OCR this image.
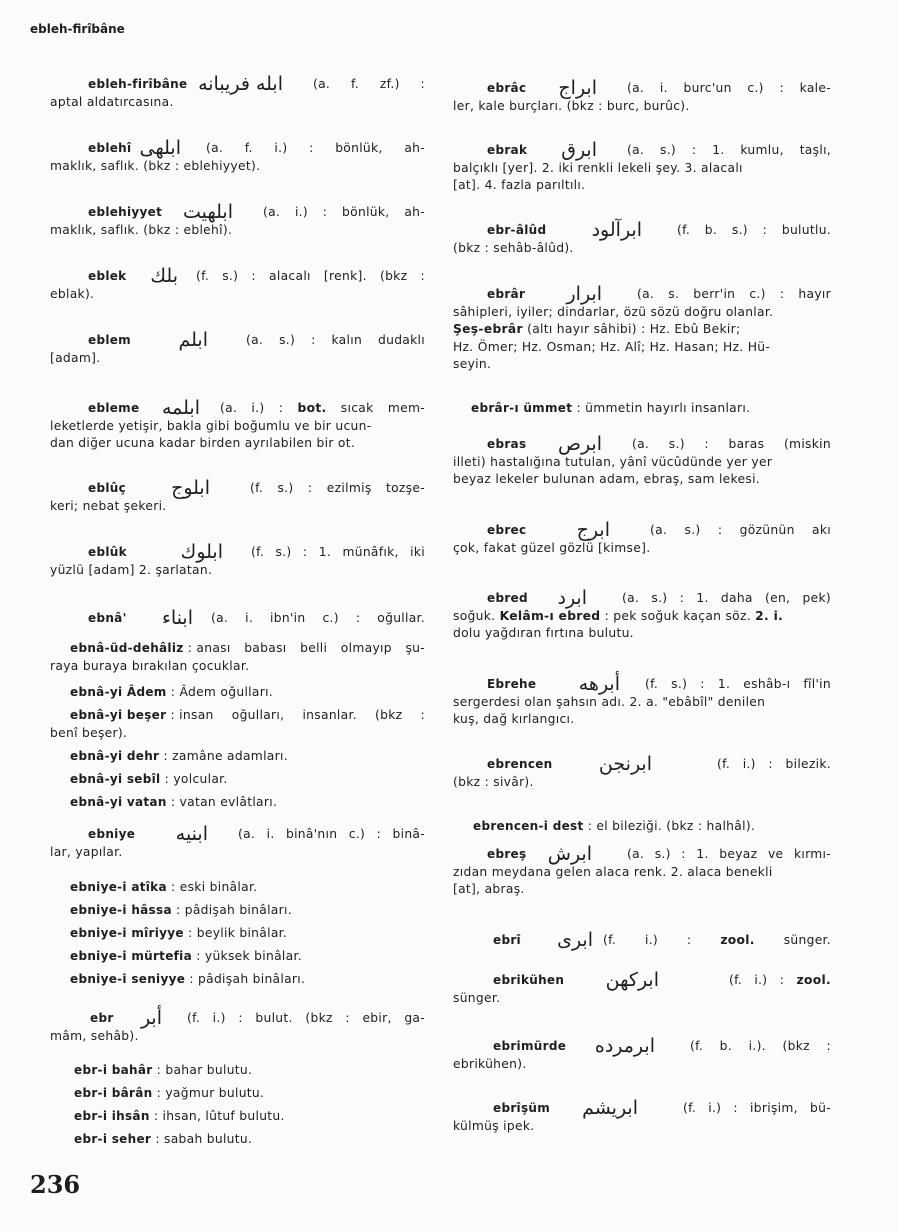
ebleh-firîbâne
ebleh-firîbâne ابله فريبانه (a. f. zf.) :
aptal aldatırcasına.
eblehî ابلهى (a. f. i.) : bönlük, ah-
maklık, saflık. (bkz : eblehiyyet).
eblehiyyet	ابلهيت (a. i.) : bönlük, ah-
maklık, saflık. (bkz : eblehî).
eblek	بلك (f. s.) : alacalı [renk]. (bkz :
eblak).
eblem	ابلم	(a. s.) : kalın dudaklı
[adam].
ebleme	ابلمه (a. i.) : bot. sıcak mem-
leketlerde yetişir, bakla gibi boğumlu ve bir ucun-
dan diğer ucuna kadar birden ayrılabilen bir ot.
eblûç	ابلوج	(f. s.) : ezilmiş tozşe-
keri; nebat şekeri.
eblûk	ابلوك (f. s.) : 1. münâfık, iki
yüzlü [adam] 2. şarlatan.
ebnâ'	ابناء (a. i. ibn'in c.) : oğullar.
ebniye	ابنيه (a. i. binâ'nın c.) : binâ-
lar, yapılar.
ebr	أبر (f. i.) : bulut. (bkz : ebir, ga-
mâm, sehâb).
ebnâ-üd-dehâliz : anası babası belli olmayıp şu-
raya buraya bırakılan çocuklar.
ebnâ-yi Âdem : Âdem oğulları.
ebnâ-yi beşer : insan oğulları, insanlar. (bkz :
benî beşer).
ebnâ-yi dehr : zamâne adamları.
ebnâ-yi sebîl : yolcular.
ebnâ-yi vatan : vatan evlâtları.
ebniye-i atîka : eski binâlar.
ebniye-i hâssa : pâdişah binâları.
ebniye-i mîriyye : beylik binâlar.
ebniye-i mürtefia : yüksek binâlar.
ebniye-i seniyye : pâdişah binâları.
ebr-i bahâr : bahar bulutu.
ebr-i bârân : yağmur bulutu.
ebr-i ihsân : ihsan, lûtuf bulutu.
ebr-i seher : sabah bulutu.
ebrâc	ابراج (a. i. burc'un c.) : kale-
ler, kale burçları. (bkz : burc, burûc).
ebrak	ابرق (a. s.) : 1. kumlu, taşlı,
balçıklı [yer]. 2. iki renkli lekeli şey. 3. alacalı
[at]. 4. fazla parıltılı.
ebr-âlûd	ابرآلود	(f. b. s.) : bulutlu.
(bkz : sehâb-âlûd).
ebrâr	ابرار	(a. s. berr'in c.) : hayır
sâhipleri, iyiler; dindarlar, özü sözü doğru olanlar.
Şeş-ebrâr (altı hayır sâhibi) : Hz. Ebû Bekir;
Hz. Ömer; Hz. Osman; Hz. Alî; Hz. Hasan; Hz. Hü-
seyin.
ebras	ابرص (a. s.) : baras (miskin
illeti) hastalığına tutulan, yânî vücûdünde yer yer
beyaz lekeler bulunan adam, ebraş, sam lekesi.
ebrec	ابرج	(a. s.) : gözünün akı
çok, fakat güzel gözlü [kimse].
ebred	ابرد	(a. s.) : 1. daha (en, pek)
soğuk. Kelâm-ı ebred : pek soğuk kaçan söz. 2. i.
dolu yağdıran fırtına bulutu.
Ebrehe	أبرهه (f. s.) : 1. eshâb-ı fîl'in
sergerdesi olan şahsın adı. 2. a. "ebâbîl" denilen
kuş, dağ kırlangıcı.
ebrencen	ابرنجن	(f. i.) : bilezik.
(bkz : sivâr).
ebreş	ابرش	(a. s.) : 1. beyaz ve kırmı-
zıdan meydana gelen alaca renk. 2. alaca benekli
[at], abraş.
ebrî	ابرى (f. i.) : zool. sünger.
ebrikühen	ابركهن	(f. i.) : zool.
sünger.
ebrimürde	ابرمرده	(f. b. i.). (bkz :
ebrikühen).
ebrîşüm	ابريشم	(f. i.) : ibrişim, bü-
külmüş ipek.
ebrâr-ı ümmet : ümmetin hayırlı insanları.
ebrencen-i dest : el bileziği. (bkz : halhâl).
236
